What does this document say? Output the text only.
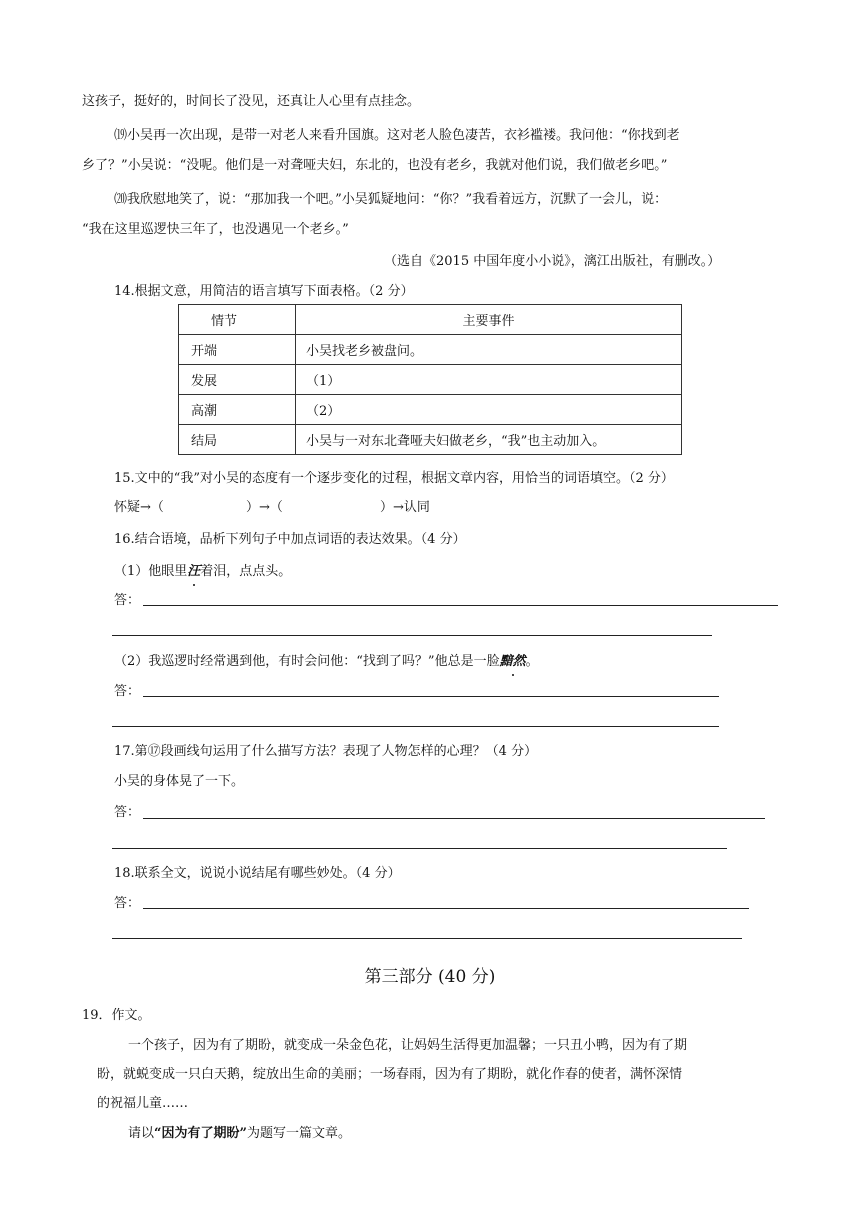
这孩子，挺好的，时间长了没见，还真让人心里有点挂念。
⒆小吴再一次出现，是带一对老人来看升国旗。这对老人脸色凄苦，衣衫褴褛。我问他：“你找到老
乡了？”小吴说：“没呢。他们是一对聋哑夫妇，东北的，也没有老乡，我就对他们说，我们做老乡吧。”
⒇我欣慰地笑了，说：“那加我一个吧。”小吴狐疑地问：“你？”我看着远方，沉默了一会儿，说：
“我在这里巡逻快三年了，也没遇见一个老乡。”
（选自《2015 中国年度小小说》，漓江出版社，有删改。）
14.根据文意，用简洁的语言填写下面表格。（2 分）
情节	主要事件
开端	小吴找老乡被盘问。
发展	（1）
高潮	（2）
结局	小吴与一对东北聋哑夫妇做老乡，“我”也主动加入。
15.文中的“我”对小吴的态度有一个逐步变化的过程，根据文章内容，用恰当的词语填空。（2 分）
怀疑→（	）→（	）→认同
16.结合语境，品析下列句子中加点词语的表达效果。（4 分）
（1）他眼里汪着泪，点点头。
答：
（2）我巡逻时经常遇到他，有时会问他：“找到了吗？”他总是一脸黯然。
答：
17.第⑰段画线句运用了什么描写方法？表现了人物怎样的心理？（4 分）
小吴的身体晃了一下。
答：
18.联系全文，说说小说结尾有哪些妙处。（4 分）
答：
第三部分 (40 分)
19．作文。
一个孩子，因为有了期盼，就变成一朵金色花，让妈妈生活得更加温馨；一只丑小鸭，因为有了期
盼，就蜕变成一只白天鹅，绽放出生命的美丽；一场春雨，因为有了期盼，就化作春的使者，满怀深情
的祝福儿童……
请以“因为有了期盼”为题写一篇文章。
